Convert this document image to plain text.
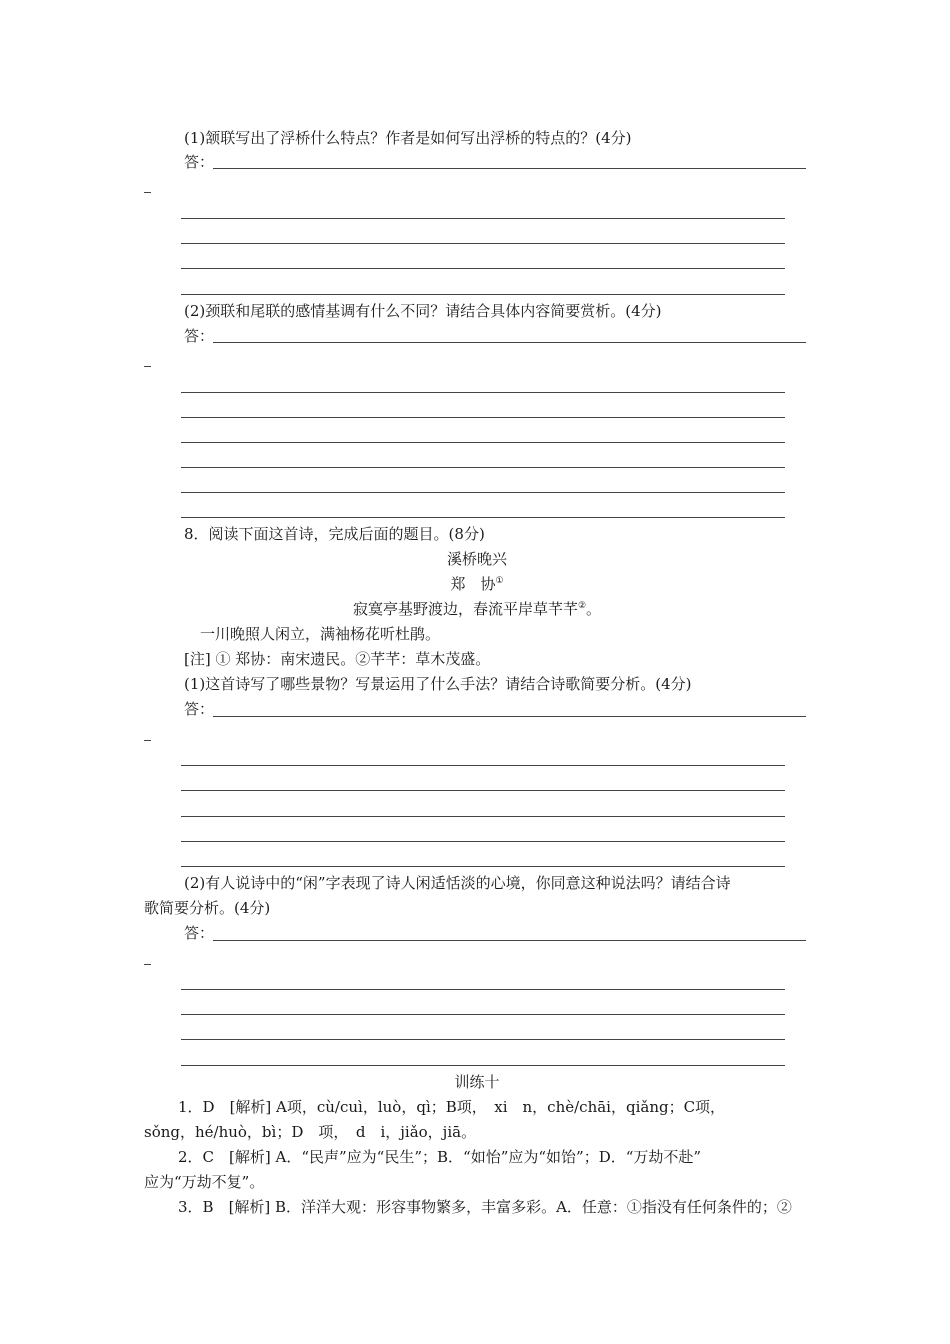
(1)颔联写出了浮桥什么特点？作者是如何写出浮桥的特点的？(4分)
答：
(2)颈联和尾联的感情基调有什么不同？请结合具体内容简要赏析。(4分)
答：
8．阅读下面这首诗，完成后面的题目。(8分)
溪桥晚兴
郑　协①
寂寞亭基野渡边，春流平岸草芊芊②。
一川晚照人闲立，满袖杨花听杜鹃。
[注] ① 郑协：南宋遗民。②芊芊：草木茂盛。
(1)这首诗写了哪些景物？写景运用了什么手法？请结合诗歌简要分析。(4分)
答：
(2)有人说诗中的“闲”字表现了诗人闲适恬淡的心境，你同意这种说法吗？请结合诗
歌简要分析。(4分)
答：
训练十
1．D　[解析] A项，cù/cuì，luò，qì；B项，　xi　n，chè/chāi，qiǎng；C项，
sǒng，hé/huò，bì；D　项，　d　i，jiǎo，jiā。
2．C　[解析] A．“民声”应为“民生”；B．“如怡”应为“如饴”；D．“万劫不赴”
应为“万劫不复”。
3．B　[解析] B．洋洋大观：形容事物繁多，丰富多彩。A．任意：①指没有任何条件的；②
